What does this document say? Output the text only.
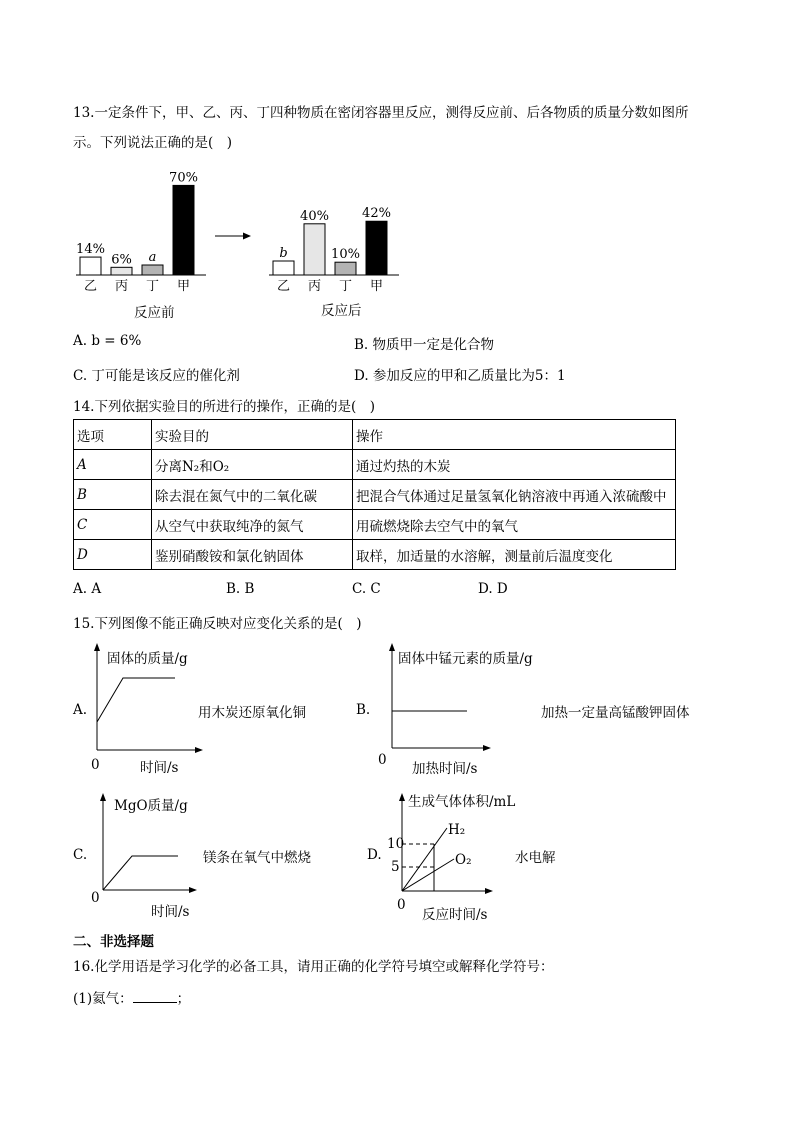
13.一定条件下，甲、乙、丙、丁四种物质在密闭容器里反应，测得反应前、后各物质的质量分数如图所
示。下列说法正确的是(　)
14%
乙
6%
丙
a
丁
70%
甲
b
乙
40%
丙
10%
丁
42%
甲
反应前	反应后
A. b = 6%	B. 物质甲一定是化合物
C. 丁可能是该反应的催化剂	D. 参加反应的甲和乙质量比为5：1
14.下列依据实验目的所进行的操作，正确的是(　)
选项	实验目的	操作
A	分离N₂和O₂	通过灼热的木炭
B	除去混在氮气中的二氧化碳	把混合气体通过足量氢氧化钠溶液中再通入浓硫酸中
C	从空气中获取纯净的氮气	用硫燃烧除去空气中的氧气
D	鉴别硝酸铵和氯化钠固体	取样，加适量的水溶解，测量前后温度变化
A. A	B. B	C. C	D. D
15.下列图像不能正确反映对应变化关系的是(　)
A.
固体的质量/g
0	时间/s
用木炭还原氧化铜	B.
固体中锰元素的质量/g
0
加热时间/s
加热一定量高锰酸钾固体
C.
MgO质量/g
0
时间/s
镁条在氧气中燃烧	D.
生成气体体积/mL
10
5
H₂
O₂
0
反应时间/s
水电解
二、非选择题
16.化学用语是学习化学的必备工具，请用正确的化学符号填空或解释化学符号：
(1)氦气：	；
